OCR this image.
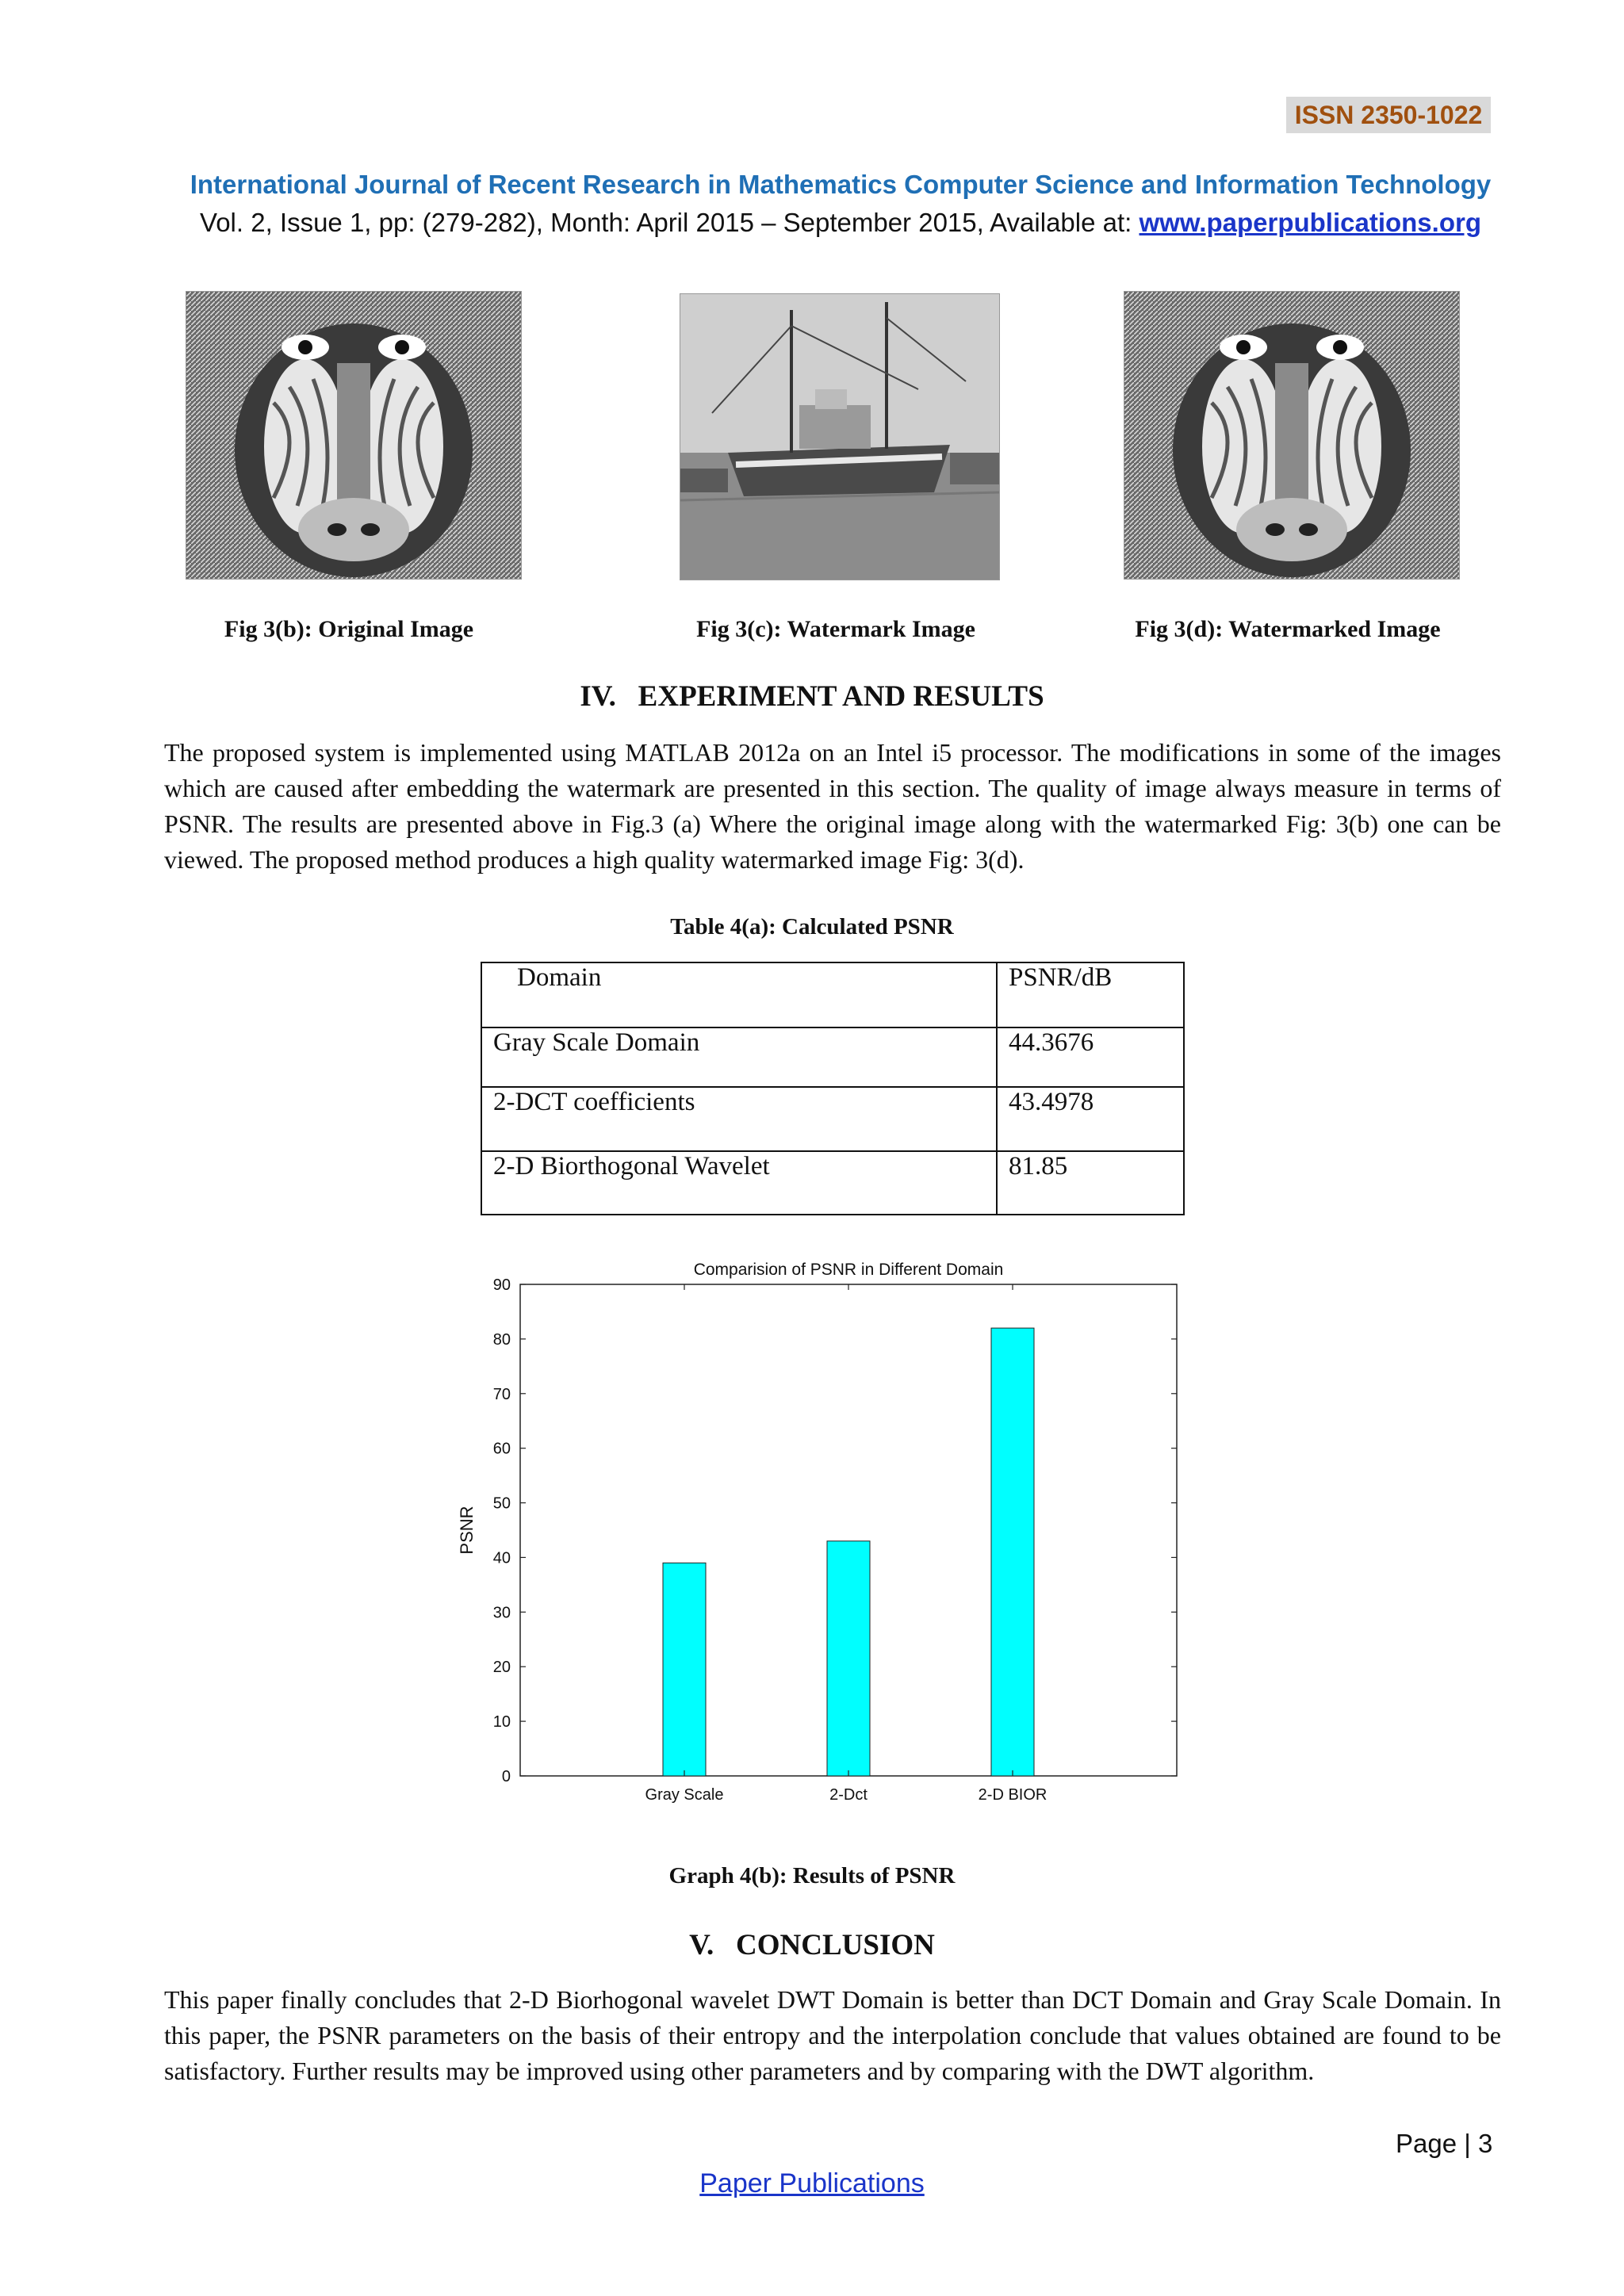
ISSN 2350-1022
International Journal of Recent Research in Mathematics Computer Science and Information Technology
Vol. 2, Issue 1, pp: (279-282), Month: April 2015 – September 2015, Available at: www.paperpublications.org
Fig 3(b): Original Image	Fig 3(c): Watermark Image	Fig 3(d): Watermarked Image
IV.   EXPERIMENT AND RESULTS
The proposed system is implemented using MATLAB 2012a on an Intel i5 processor. The modifications in some of the images which are caused after embedding the watermark are presented in this section. The quality of image always measure in terms of PSNR. The results are presented above in Fig.3 (a) Where the original image along with the watermarked Fig: 3(b) one can be viewed. The proposed method produces a high quality watermarked image Fig: 3(d).
Table 4(a): Calculated PSNR
Domain	PSNR/dB
Gray Scale Domain	44.3676
2-DCT coefficients	43.4978
2-D Biorthogonal Wavelet	81.85
Comparision of PSNR in Different Domain
0
10
20
30
40
50
60
70
80
90
PSNR
Gray Scale	2-Dct	2-D BIOR
Graph 4(b): Results of PSNR
V.   CONCLUSION
This paper finally concludes that 2-D Biorhogonal wavelet DWT Domain is better than DCT Domain and Gray Scale Domain. In this paper, the PSNR parameters on the basis of their entropy and the interpolation conclude that values obtained are found to be satisfactory. Further results may be improved using other parameters and by comparing with the DWT algorithm.
Page | 3
Paper Publications
